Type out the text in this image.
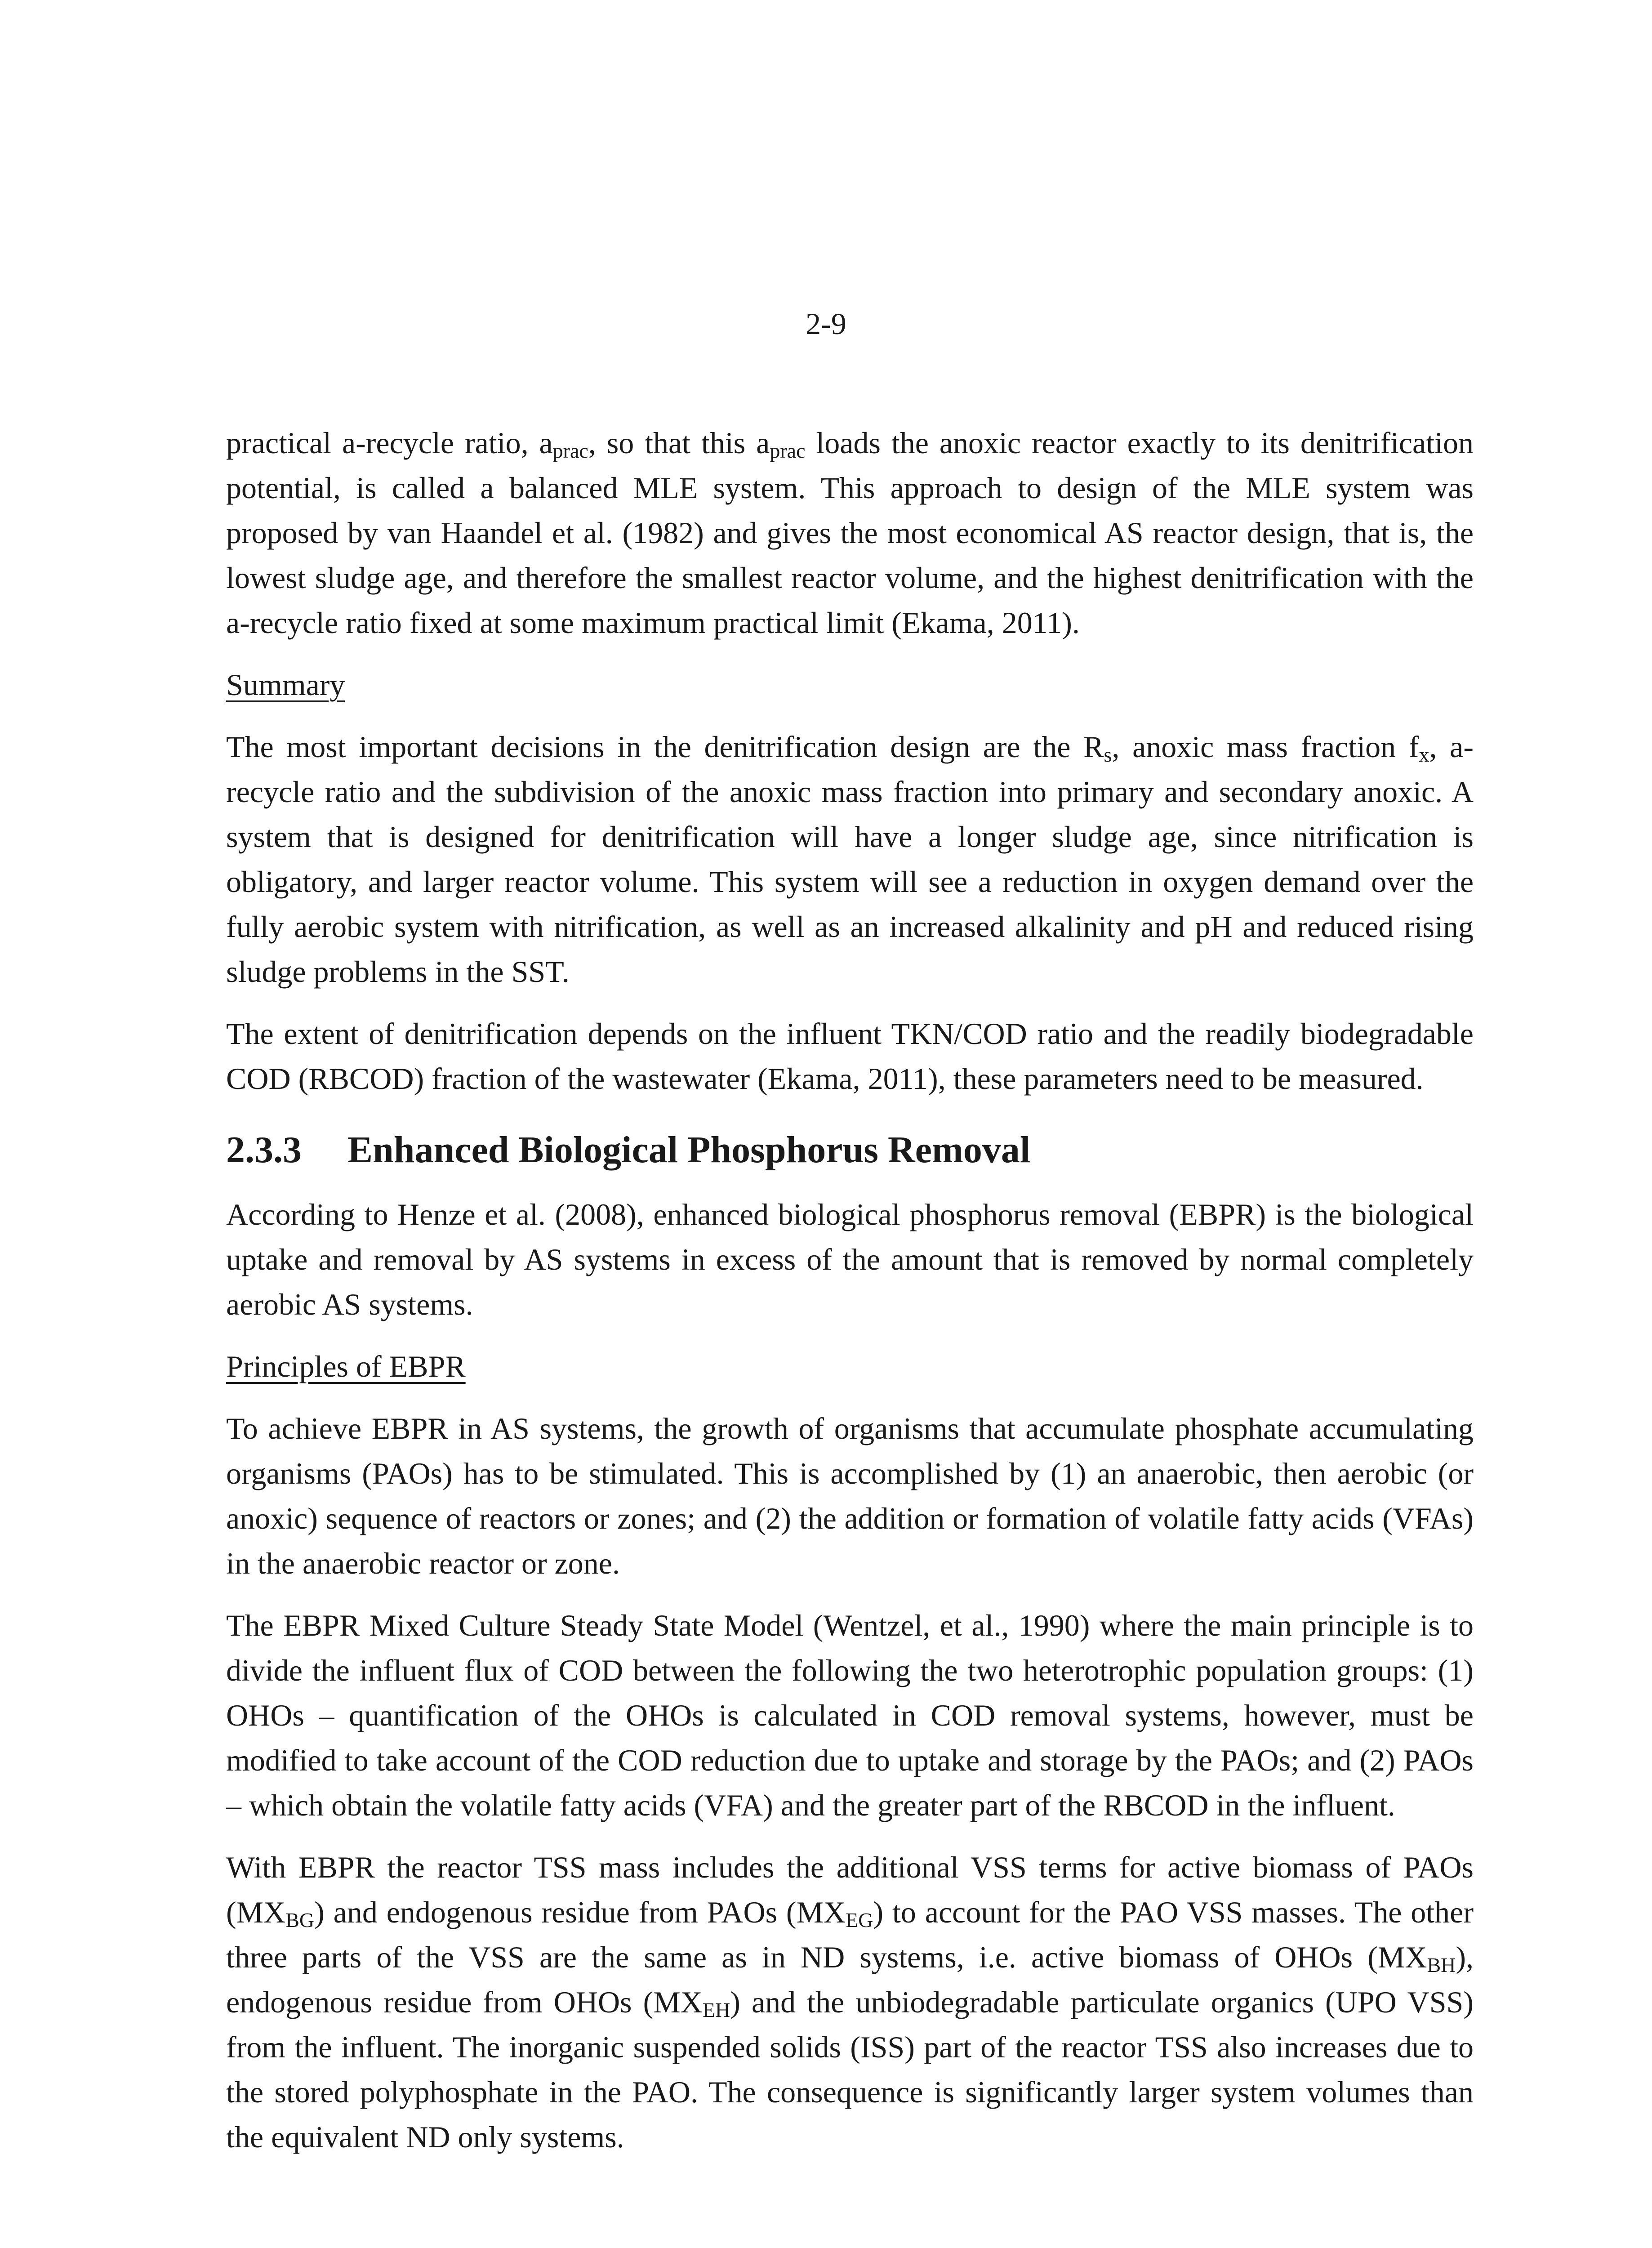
2-9

practical a-recycle ratio, $a_{prac}$, so that this $a_{prac}$ loads the anoxic reactor exactly to its denitrification potential, is called a balanced MLE system. This approach to design of the MLE system was proposed by van Haandel et al. (1982) and gives the most economical AS reactor design, that is, the lowest sludge age, and therefore the smallest reactor volume, and the highest denitrification with the a-recycle ratio fixed at some maximum practical limit (Ekama, 2011).

Summary

The most important decisions in the denitrification design are the $R_s$, anoxic mass fraction $f_x$, a-recycle ratio and the subdivision of the anoxic mass fraction into primary and secondary anoxic. A system that is designed for denitrification will have a longer sludge age, since nitrification is obligatory, and larger reactor volume. This system will see a reduction in oxygen demand over the fully aerobic system with nitrification, as well as an increased alkalinity and pH and reduced rising sludge problems in the SST.

The extent of denitrification depends on the influent TKN/COD ratio and the readily biodegradable COD (RBCOD) fraction of the wastewater (Ekama, 2011), these parameters need to be measured.

2.3.3 Enhanced Biological Phosphorus Removal

According to Henze et al. (2008), enhanced biological phosphorus removal (EBPR) is the biological uptake and removal by AS systems in excess of the amount that is removed by normal completely aerobic AS systems.

Principles of EBPR

To achieve EBPR in AS systems, the growth of organisms that accumulate phosphate accumulating organisms (PAOs) has to be stimulated. This is accomplished by (1) an anaerobic, then aerobic (or anoxic) sequence of reactors or zones; and (2) the addition or formation of volatile fatty acids (VFAs) in the anaerobic reactor or zone.

The EBPR Mixed Culture Steady State Model (Wentzel, et al., 1990) where the main principle is to divide the influent flux of COD between the following the two heterotrophic population groups: (1) OHOs – quantification of the OHOs is calculated in COD removal systems, however, must be modified to take account of the COD reduction due to uptake and storage by the PAOs; and (2) PAOs – which obtain the volatile fatty acids (VFA) and the greater part of the RBCOD in the influent.

With EBPR the reactor TSS mass includes the additional VSS terms for active biomass of PAOs $(MX_{BG})$ and endogenous residue from PAOs $(MX_{EG})$ to account for the PAO VSS masses. The other three parts of the VSS are the same as in ND systems, i.e. active biomass of OHOs $(MX_{BH})$, endogenous residue from OHOs $(MX_{EH})$ and the unbiodegradable particulate organics (UPO VSS) from the influent. The inorganic suspended solids (ISS) part of the reactor TSS also increases due to the stored polyphosphate in the PAO. The consequence is significantly larger system volumes than the equivalent ND only systems.
